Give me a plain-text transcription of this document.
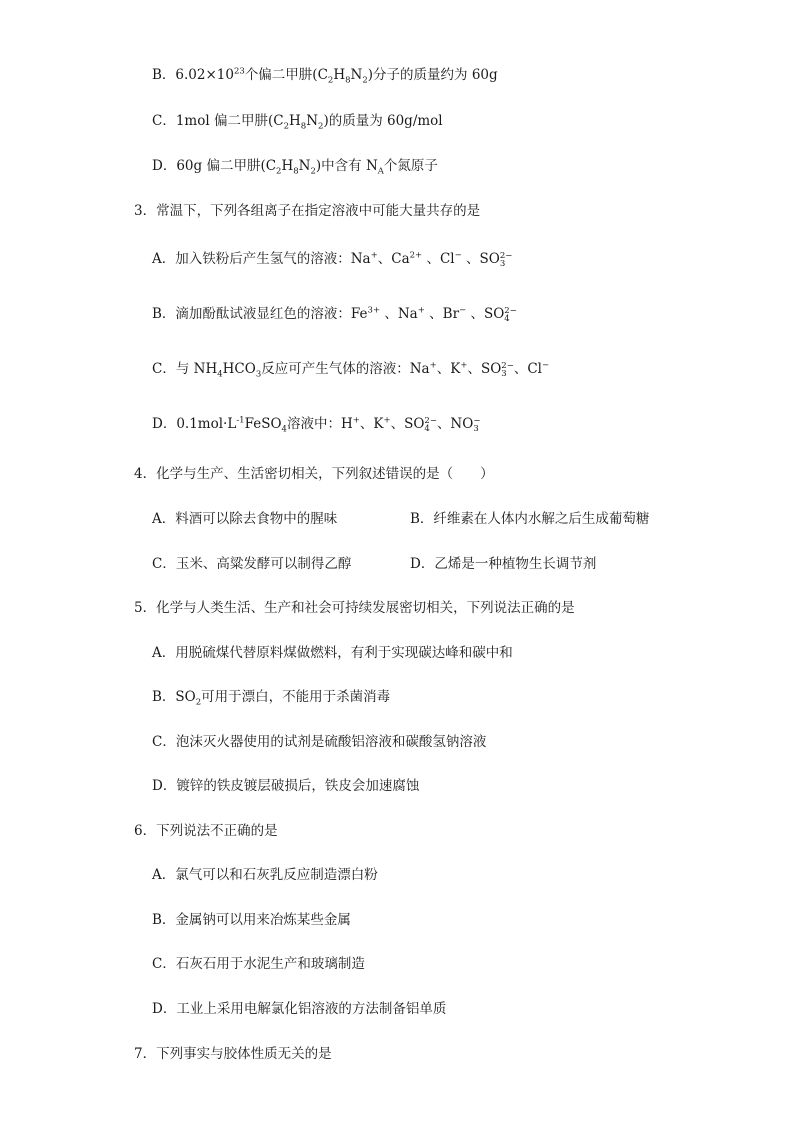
B．$6.02\times 10^{23}$个偏二甲肼$(C_2H_8N_2)$分子的质量约为 60g
C．1mol 偏二甲肼$(C_2H_8N_2)$的质量为 60g/mol
D．60g 偏二甲肼$(C_2H_8N_2)$中含有 $N_A$个氮原子
3．常温下，下列各组离子在指定溶液中可能大量共存的是
A．加入铁粉后产生氢气的溶液：Na+、$Ca^{2+}$ 、Cl− 、SO 2−
3
B．滴加酚酞试液显红色的溶液：$Fe^{3+}$ 、Na+ 、Br− 、SO 2−
4
C．与 $NH_4HCO_3$反应可产生气体的溶液：Na+、K+、SO 2−
3 、Cl−
D．$0.1mol\cdot L^{-1}FeSO_4$溶液中：H+、K+、SO 2−
4 、NO −
3
4．化学与生产、生活密切相关，下列叙述错误的是（　　）
A．料酒可以除去食物中的腥味	B．纤维素在人体内水解之后生成葡萄糖
C．玉米、高粱发酵可以制得乙醇	D．乙烯是一种植物生长调节剂
5．化学与人类生活、生产和社会可持续发展密切相关，下列说法正确的是
A．用脱硫煤代替原料煤做燃料，有利于实现碳达峰和碳中和
B．$SO_2$可用于漂白，不能用于杀菌消毒
C．泡沫灭火器使用的试剂是硫酸铝溶液和碳酸氢钠溶液
D．镀锌的铁皮镀层破损后，铁皮会加速腐蚀
6．下列说法不正确的是
A．氯气可以和石灰乳反应制造漂白粉
B．金属钠可以用来冶炼某些金属
C．石灰石用于水泥生产和玻璃制造
D．工业上采用电解氯化铝溶液的方法制备铝单质
7．下列事实与胶体性质无关的是
